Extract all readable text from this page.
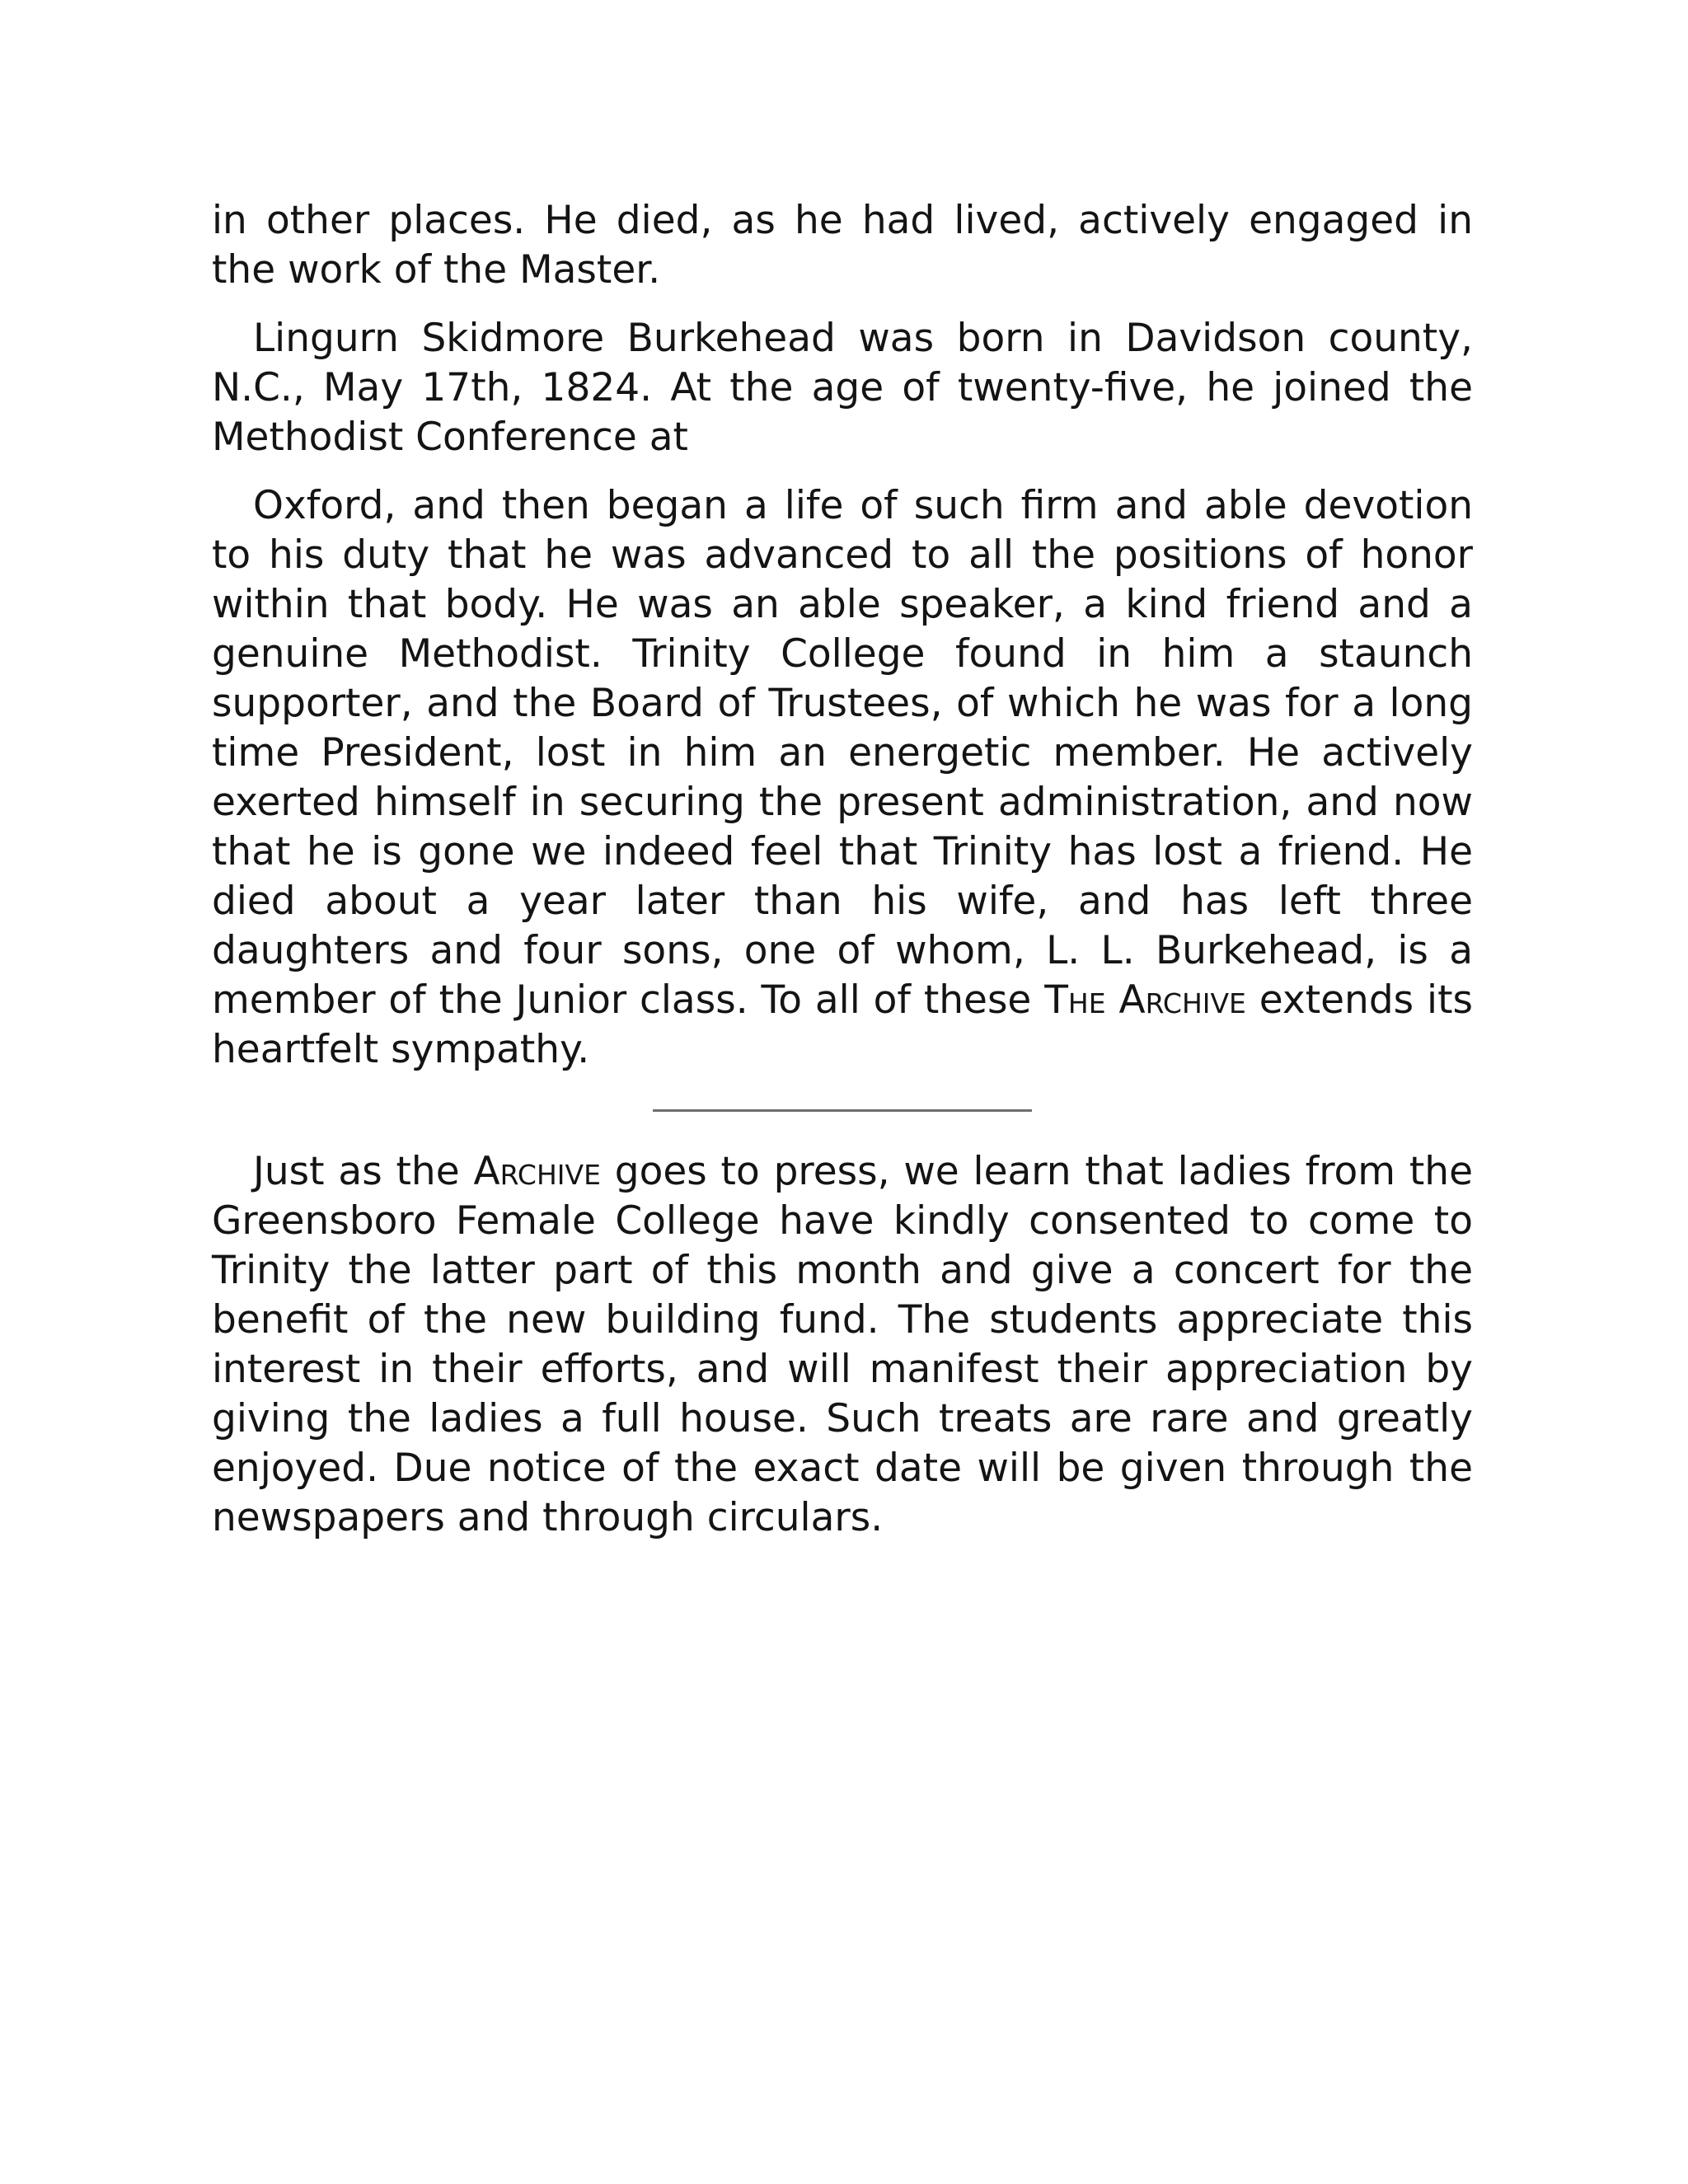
in other places. He died, as he had lived, actively engaged in the work of the Master.

Lingurn Skidmore Burkehead was born in Davidson county, N.C., May 17th, 1824. At the age of twenty-five, he joined the Methodist Conference at

Oxford, and then began a life of such firm and able devotion to his duty that he was advanced to all the positions of honor within that body. He was an able speaker, a kind friend and a genuine Methodist. Trinity College found in him a staunch supporter, and the Board of Trustees, of which he was for a long time President, lost in him an energetic member. He actively exerted himself in securing the present administration, and now that he is gone we indeed feel that Trinity has lost a friend. He died about a year later than his wife, and has left three daughters and four sons, one of whom, L. L. Burkehead, is a member of the Junior class. To all of these The Archive extends its heartfelt sympathy.

Just as the Archive goes to press, we learn that ladies from the Greensboro Female College have kindly consented to come to Trinity the latter part of this month and give a concert for the benefit of the new building fund. The students appreciate this interest in their efforts, and will manifest their appreciation by giving the ladies a full house. Such treats are rare and greatly enjoyed. Due notice of the exact date will be given through the newspapers and through circulars.
